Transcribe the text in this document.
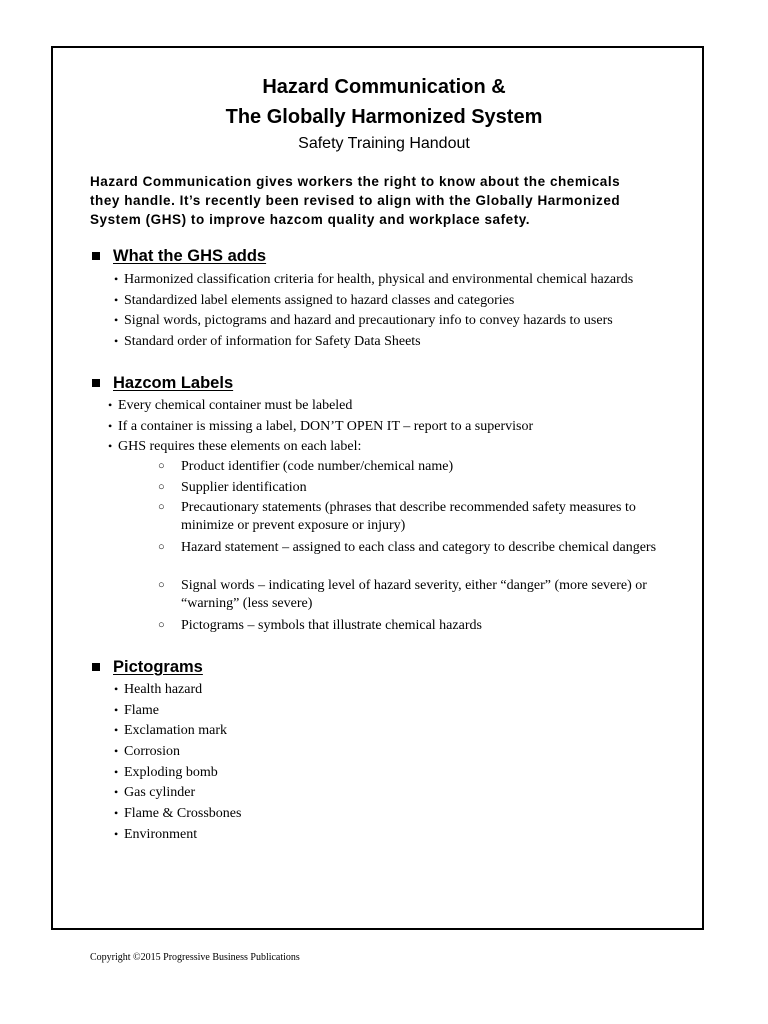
Hazard Communication &
The Globally Harmonized System
Safety Training Handout
Hazard Communication gives workers the right to know about the chemicals
they handle. It’s recently been revised to align with the Globally Harmonized
System (GHS) to improve hazcom quality and workplace safety.
What the GHS adds
• Harmonized classification criteria for health, physical and environmental chemical hazards
• Standardized label elements assigned to hazard classes and categories
• Signal words, pictograms and hazard and precautionary info to convey hazards to users
• Standard order of information for Safety Data Sheets
Hazcom Labels
• Every chemical container must be labeled
• If a container is missing a label, DON’T OPEN IT – report to a supervisor
• GHS requires these elements on each label:
○ Product identifier (code number/chemical name)
○ Supplier identification
○ Precautionary statements (phrases that describe recommended safety measures to minimize or prevent exposure or injury)
○ Hazard statement – assigned to each class and category to describe chemical dangers
○ Signal words – indicating level of hazard severity, either “danger” (more severe) or “warning” (less severe)
○ Pictograms – symbols that illustrate chemical hazards
Pictograms
• Health hazard
• Flame
• Exclamation mark
• Corrosion
• Exploding bomb
• Gas cylinder
• Flame & Crossbones
• Environment
Copyright ©2015 Progressive Business Publications
